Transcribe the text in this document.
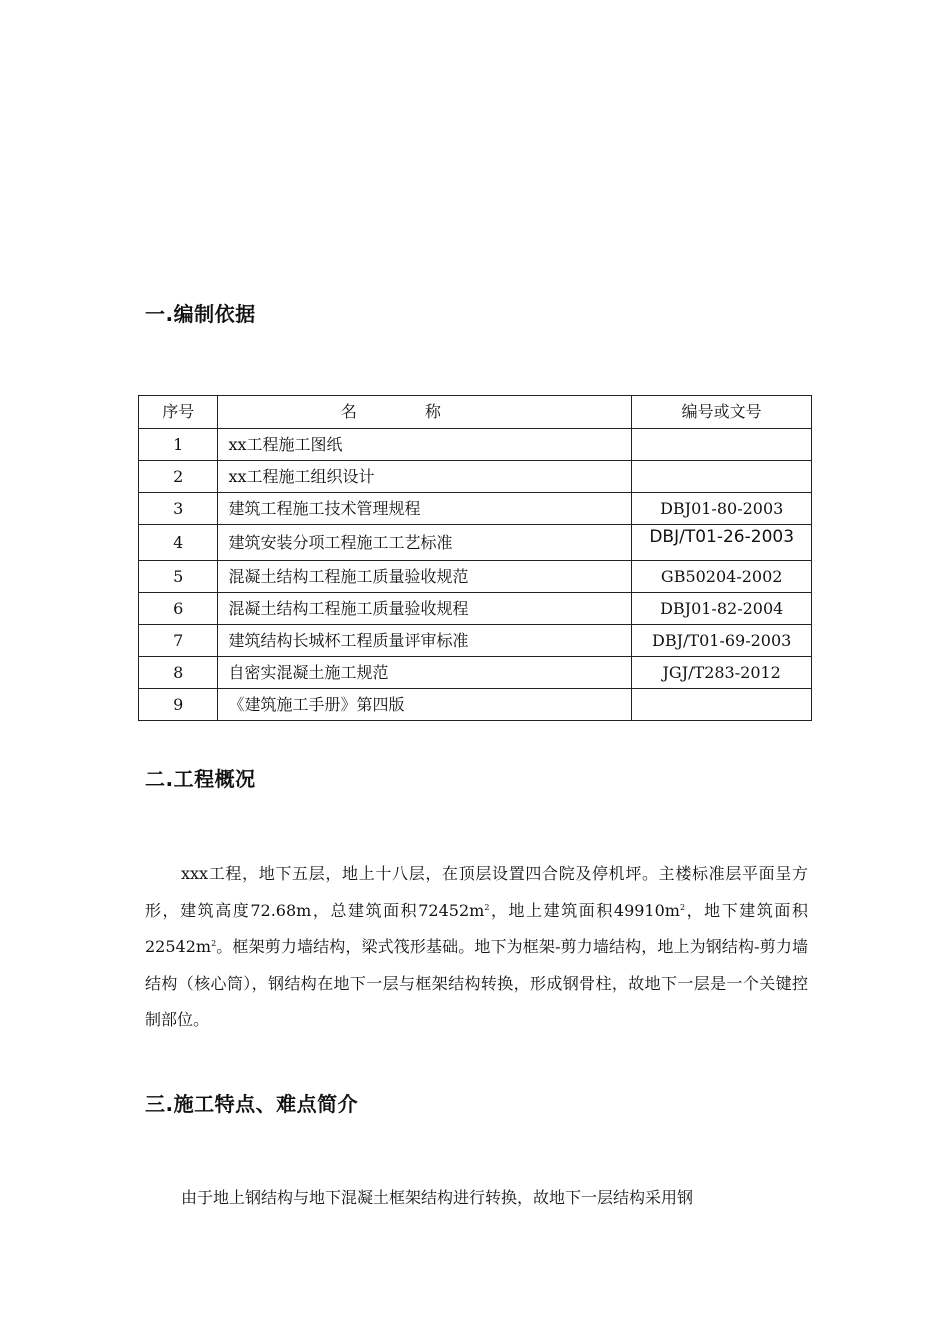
一.编制依据
序号	名称	编号或文号
1	xx工程施工图纸	
2	xx工程施工组织设计	
3	建筑工程施工技术管理规程	DBJ01-80-2003
4	建筑安装分项工程施工工艺标准	DBJ/T01-26-2003
5	混凝土结构工程施工质量验收规范	GB50204-2002
6	混凝土结构工程施工质量验收规程	DBJ01-82-2004
7	建筑结构长城杯工程质量评审标准	DBJ/T01-69-2003
8	自密实混凝土施工规范	JGJ/T283-2012
9	《建筑施工手册》第四版	
二.工程概况

xxx工程，地下五层，地上十八层，在顶层设置四合院及停机坪。主楼标准层平面呈方形，建筑高度72.68m，总建筑面积$72452m^2$，地上建筑面积$49910m^2$，地下建筑面积$22542m^2$。框架剪力墙结构，梁式筏形基础。地下为框架-剪力墙结构，地上为钢结构-剪力墙结构（核心筒），钢结构在地下一层与框架结构转换，形成钢骨柱，故地下一层是一个关键控制部位。

三.施工特点、难点简介

由于地上钢结构与地下混凝土框架结构进行转换，故地下一层结构采用钢
